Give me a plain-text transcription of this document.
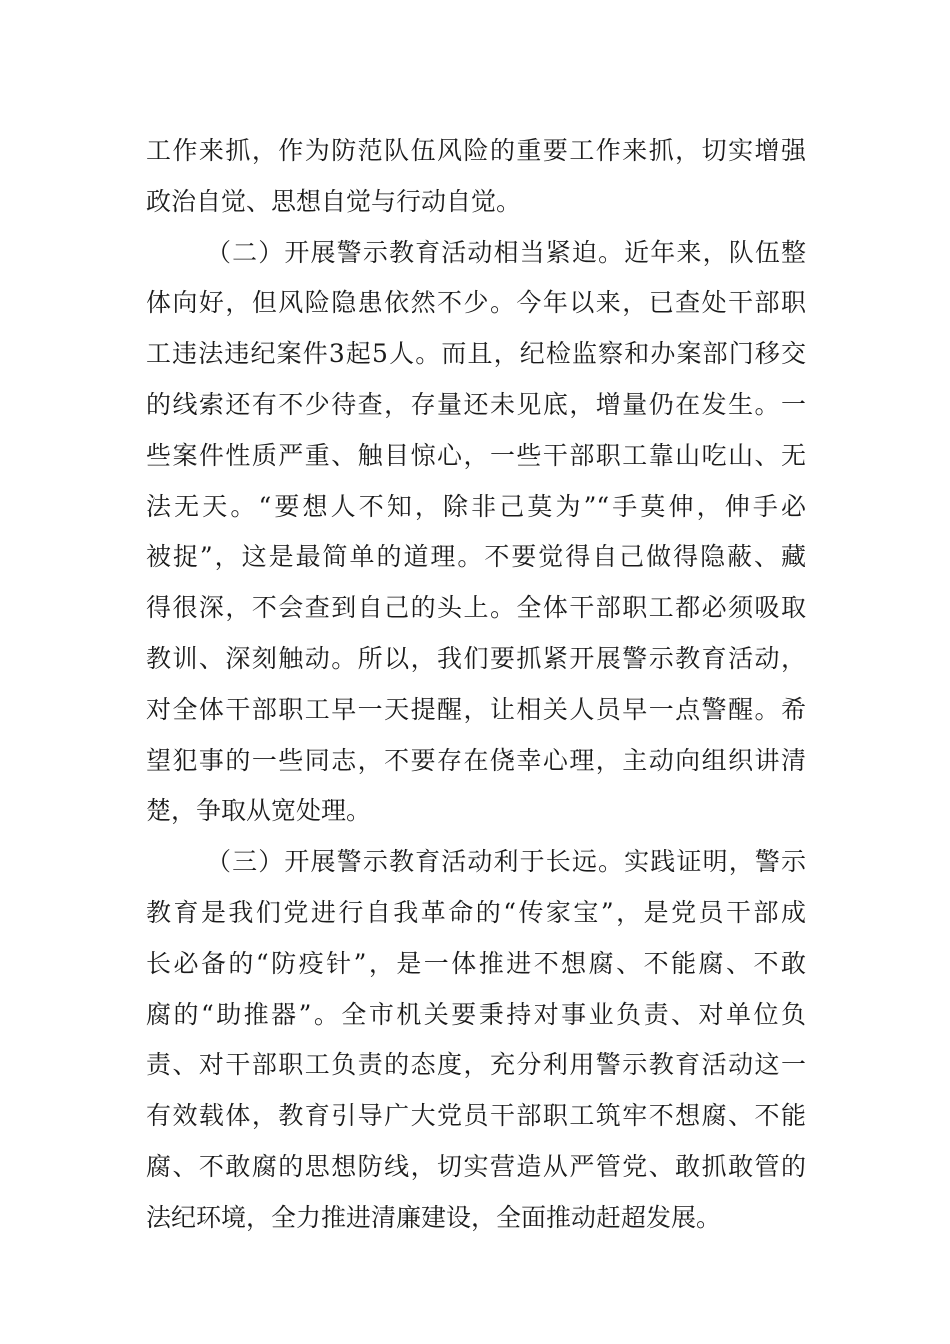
工作来抓，作为防范队伍风险的重要工作来抓，切实增强
政治自觉、思想自觉与行动自觉。
（二）开展警示教育活动相当紧迫。近年来，队伍整
体向好，但风险隐患依然不少。今年以来，已查处干部职
工违法违纪案件3起5人。而且，纪检监察和办案部门移交
的线索还有不少待查，存量还未见底，增量仍在发生。一
些案件性质严重、触目惊心，一些干部职工靠山吃山、无
法无天。“要想人不知，除非己莫为”“手莫伸，伸手必
被捉”，这是最简单的道理。不要觉得自己做得隐蔽、藏
得很深，不会查到自己的头上。全体干部职工都必须吸取
教训、深刻触动。所以，我们要抓紧开展警示教育活动，
对全体干部职工早一天提醒，让相关人员早一点警醒。希
望犯事的一些同志，不要存在侥幸心理，主动向组织讲清
楚，争取从宽处理。
（三）开展警示教育活动利于长远。实践证明，警示
教育是我们党进行自我革命的“传家宝”，是党员干部成
长必备的“防疫针”，是一体推进不想腐、不能腐、不敢
腐的“助推器”。全市机关要秉持对事业负责、对单位负
责、对干部职工负责的态度，充分利用警示教育活动这一
有效载体，教育引导广大党员干部职工筑牢不想腐、不能
腐、不敢腐的思想防线，切实营造从严管党、敢抓敢管的
法纪环境，全力推进清廉建设，全面推动赶超发展。
